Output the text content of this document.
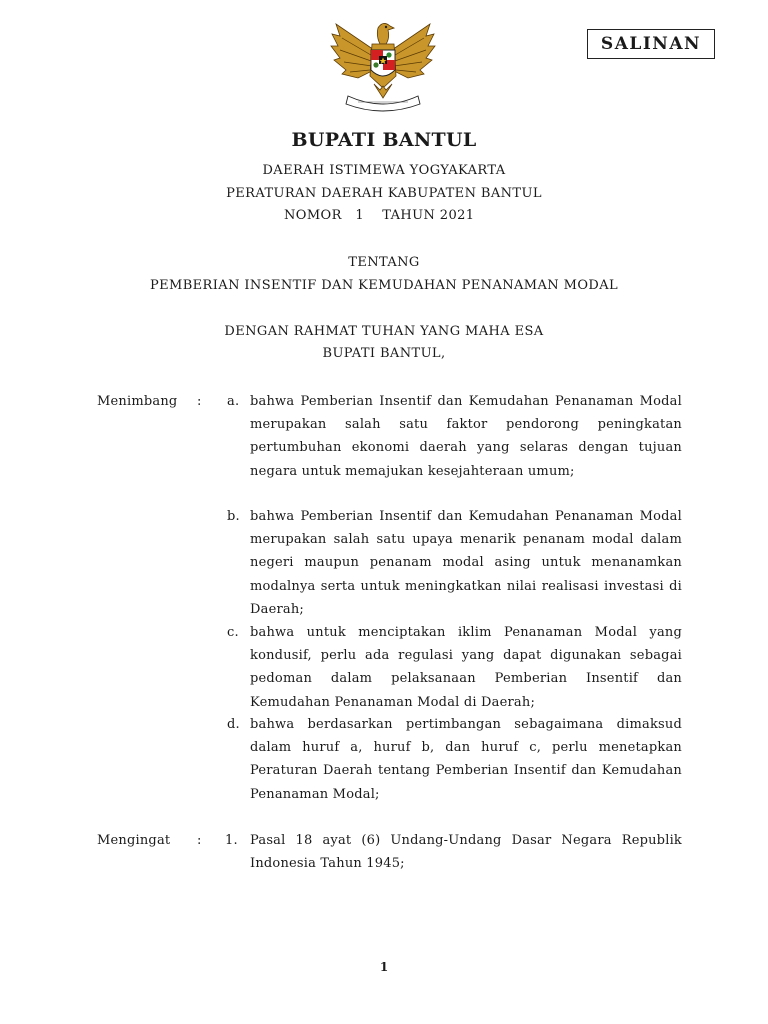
SALINAN
BUPATI BANTUL
DAERAH ISTIMEWA YOGYAKARTA
PERATURAN DAERAH KABUPATEN BANTUL
NOMOR 1 TAHUN 2021
TENTANG
PEMBERIAN INSENTIF DAN KEMUDAHAN PENANAMAN MODAL
DENGAN RAHMAT TUHAN YANG MAHA ESA
BUPATI BANTUL,
Menimbang : a. bahwa Pemberian Insentif dan Kemudahan Penanaman Modal merupakan salah satu faktor pendorong peningkatan pertumbuhan ekonomi daerah yang selaras dengan tujuan negara untuk memajukan kesejahteraan umum;
b. bahwa Pemberian Insentif dan Kemudahan Penanaman Modal merupakan salah satu upaya menarik penanam modal dalam negeri maupun penanam modal asing untuk menanamkan modalnya serta untuk meningkatkan nilai realisasi investasi di Daerah;
c. bahwa untuk menciptakan iklim Penanaman Modal yang kondusif, perlu ada regulasi yang dapat digunakan sebagai pedoman dalam pelaksanaan Pemberian Insentif dan Kemudahan Penanaman Modal di Daerah;
d. bahwa berdasarkan pertimbangan sebagaimana dimaksud dalam huruf a, huruf b, dan huruf c, perlu menetapkan Peraturan Daerah tentang Pemberian Insentif dan Kemudahan Penanaman Modal;
Mengingat : 1. Pasal 18 ayat (6) Undang-Undang Dasar Negara Republik Indonesia Tahun 1945;
1
